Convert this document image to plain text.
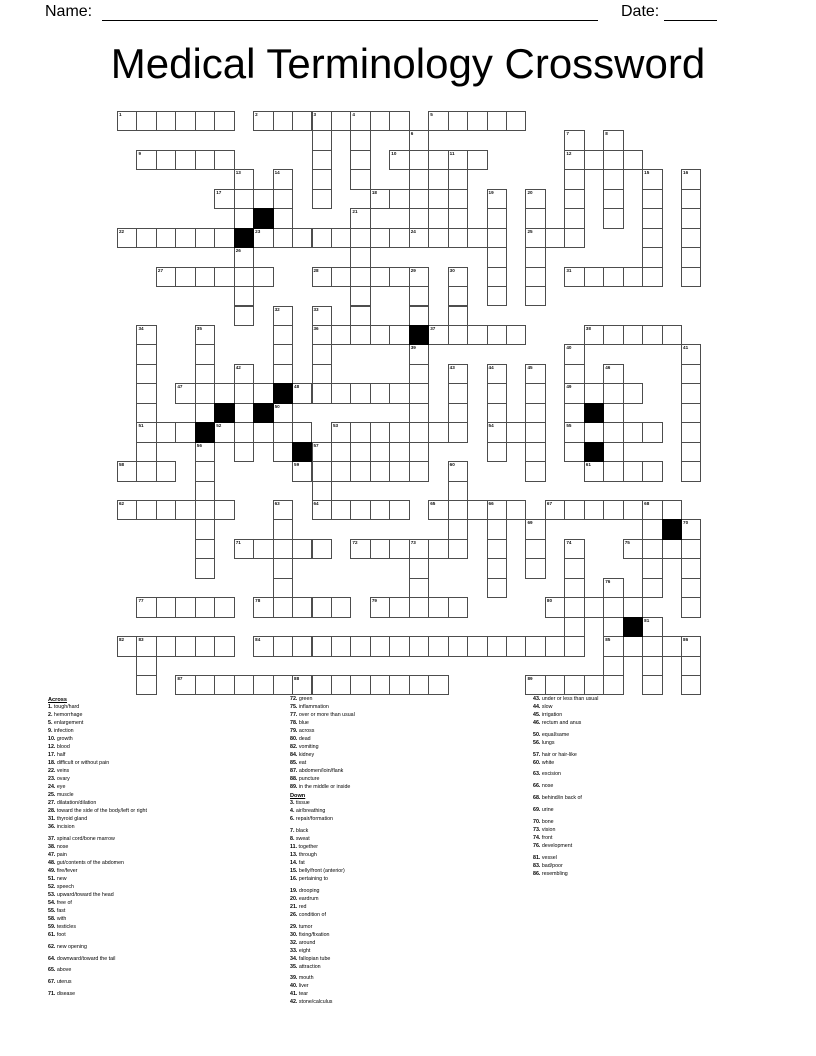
Name:	Date:
Medical Terminology Crossword
1	2	3	4	5
9	10	11	12
17	18
22	23	24	25
27	28	29	31
36	37	38
47	48	49
51	52	53	54	55
57
58	59	61
62	64	65	66	67	68
71	72	73	75
77	78	79	80
82	83	84	85
87	88	89
6	7	8
13	14	15	16
19	20
21
26
30
32	33
34	35
39	40	41
42	43	44	45	46
50
56
60
63
69	70
74
76
81
86
Across
1. tough/hard
2. hemorrhage
5. enlargement
9. infection
10. growth
12. blood
17. half
18. difficult or without pain
22. veins
23. ovary
24. eye
25. muscle
27. dilatation/dilation
28. toward the side of the body/left or right
31. thyroid gland
36. incision
37. spinal cord/bone marrow
38. nose
47. pain
48. gut/contents of the abdomen
49. fire/fever
51. new
52. speech
53. upward/toward the head
54. free of
55. fast
58. with
59. testicles
61. foot
62. new opening
64. downward/toward the tail
65. above
67. uterus
71. disease
72. green
75. inflammation
77. over or more than usual
78. blue
79. across
80. dead
82. vomiting
84. kidney
85. eat
87. abdomen/loin/flank
88. puncture
89. in the middle or inside
Down
3. tissue
4. air/breathing
6. repair/formation
7. black
8. sweat
11. together
13. through
14. fat
15. belly/front (anterior)
16. pertaining to
19. drooping
20. eardrum
21. red
26. condition of
29. tumor
30. fixing/fixation
32. around
33. eight
34. fallopian tube
35. attraction
39. mouth
40. liver
41. tear
42. stone/calculus
43. under or less than usual
44. slow
45. irrigation
46. rectum and anus
50. equal/same
56. lungs
57. hair or hair-like
60. white
63. excision
66. nose
68. behind/in back of
69. urine
70. bone
73. vision
74. front
76. development
81. vessel
83. bad/poor
86. resembling
